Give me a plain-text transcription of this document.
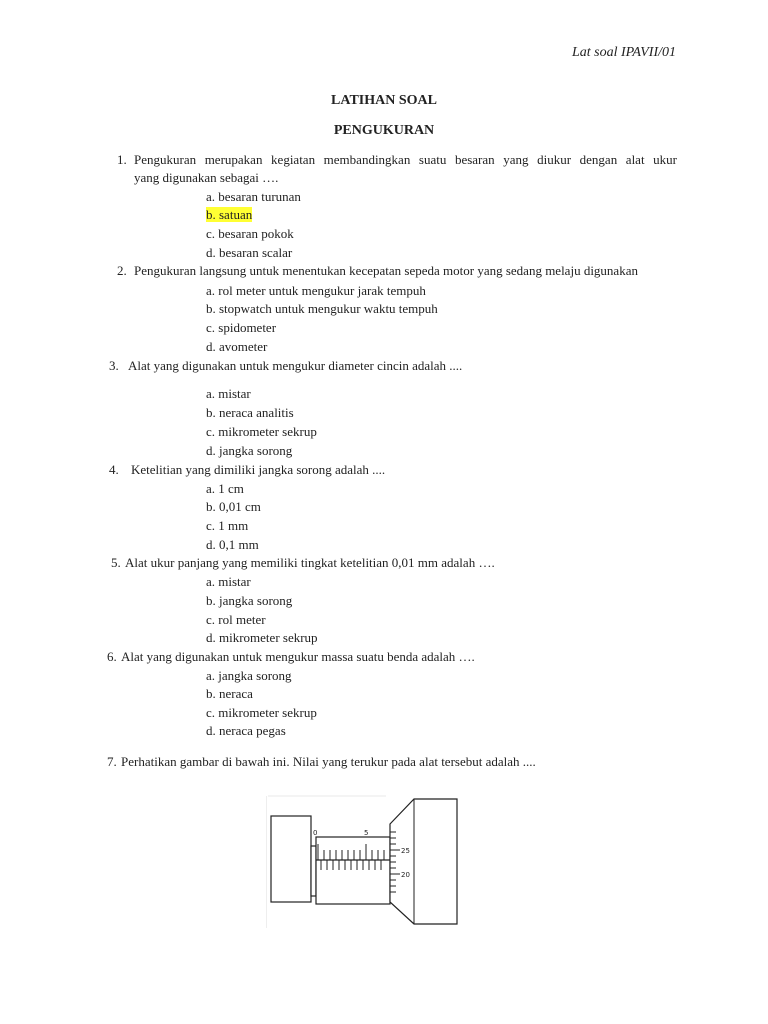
Lat soal IPAVII/01
LATIHAN SOAL
PENGUKURAN
1. Pengukuran merupakan kegiatan membandingkan suatu besaran yang diukur dengan alat ukur
yang digunakan sebagai ….
a. besaran turunan
b. satuan
c. besaran pokok
d. besaran scalar
2. Pengukuran langsung untuk menentukan kecepatan sepeda motor yang sedang melaju digunakan
a. rol meter untuk mengukur jarak tempuh
b. stopwatch untuk mengukur waktu tempuh
c. spidometer
d. avometer
3. Alat yang digunakan untuk mengukur diameter cincin adalah ....
a. mistar
b. neraca analitis
c. mikrometer sekrup
d. jangka sorong
4. Ketelitian yang dimiliki jangka sorong adalah ....
a. 1 cm
b. 0,01 cm
c. 1 mm
d. 0,1 mm
5. Alat ukur panjang yang memiliki tingkat ketelitian 0,01 mm adalah ….
a. mistar
b. jangka sorong
c. rol meter
d. mikrometer sekrup
6. Alat yang digunakan untuk mengukur massa suatu benda adalah ….
a. jangka sorong
b. neraca
c. mikrometer sekrup
d. neraca pegas
7. Perhatikan gambar di bawah ini. Nilai yang terukur pada alat tersebut adalah ....
0	5
25
20
